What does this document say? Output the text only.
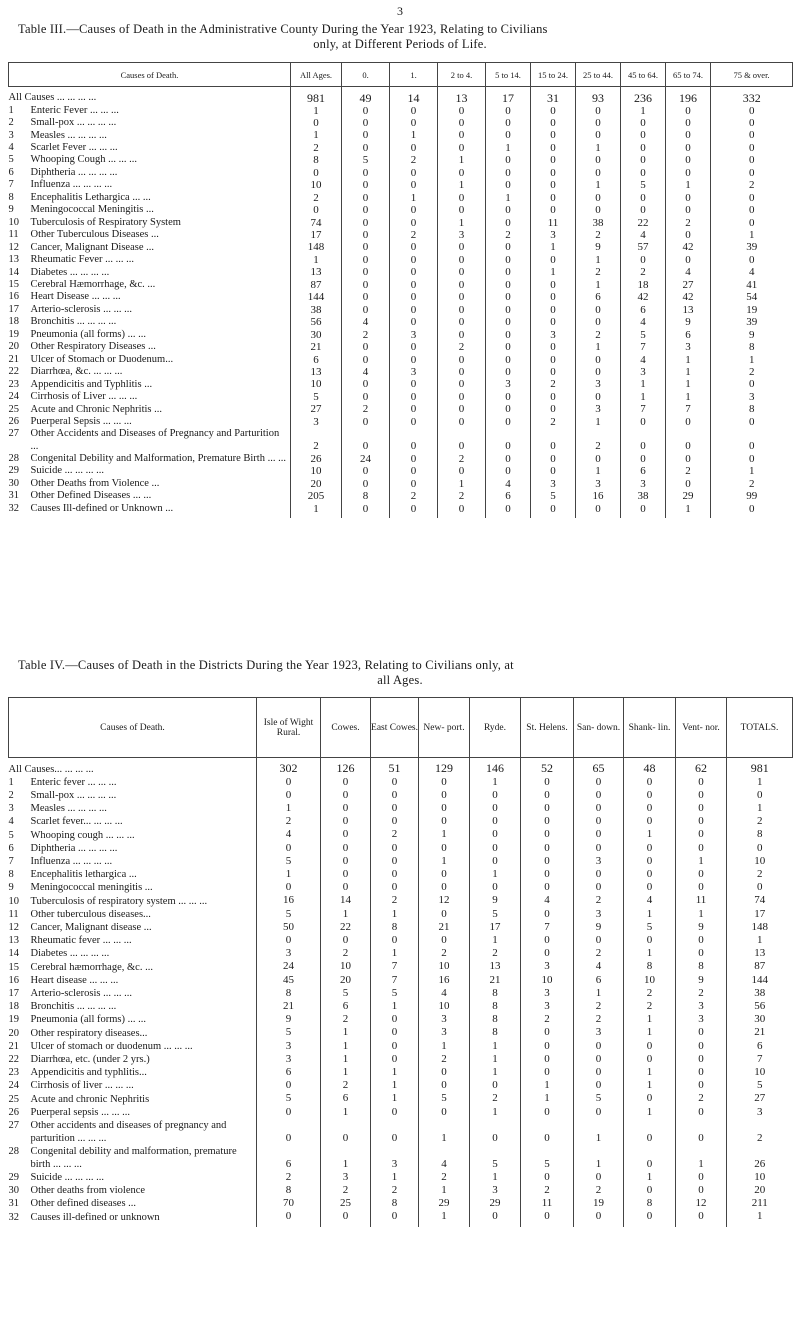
3
Table III.—Causes of Death in the Administrative County During the Year 1923, Relating to Civilians
only, at Different Periods of Life.
Causes of Death.	All Ages.	0.	1.	2 to 4.	5 to 14.	15 to 24.	25 to 44.	45 to 64.	65 to 74.	75 & over.
All Causes ... ... ... ...	981	49	14	13	17	31	93	236	196	332
1 Enteric Fever ... ... ...	1	0	0	0	0	0	0	1	0	0
2 Small-pox ... ... ... ...	0	0	0	0	0	0	0	0	0	0
3 Measles ... ... ... ...	1	0	1	0	0	0	0	0	0	0
4 Scarlet Fever ... ... ...	2	0	0	0	1	0	1	0	0	0
5 Whooping Cough ... ... ...	8	5	2	1	0	0	0	0	0	0
6 Diphtheria ... ... ... ...	0	0	0	0	0	0	0	0	0	0
7 Influenza ... ... ... ...	10	0	0	1	0	0	1	5	1	2
8 Encephalitis Lethargica ... ...	2	0	1	0	1	0	0	0	0	0
9 Meningococcal Meningitis ...	0	0	0	0	0	0	0	0	0	0
10 Tuberculosis of Respiratory System	74	0	0	1	0	11	38	22	2	0
11 Other Tuberculous Diseases ...	17	0	2	3	2	3	2	4	0	1
12 Cancer, Malignant Disease ...	148	0	0	0	0	1	9	57	42	39
13 Rheumatic Fever ... ... ...	1	0	0	0	0	0	1	0	0	0
14 Diabetes ... ... ... ...	13	0	0	0	0	1	2	2	4	4
15 Cerebral Hæmorrhage, &c. ...	87	0	0	0	0	0	1	18	27	41
16 Heart Disease ... ... ...	144	0	0	0	0	0	6	42	42	54
17 Arterio-sclerosis ... ... ...	38	0	0	0	0	0	0	6	13	19
18 Bronchitis ... ... ... ...	56	4	0	0	0	0	0	4	9	39
19 Pneumonia (all forms) ... ...	30	2	3	0	0	3	2	5	6	9
20 Other Respiratory Diseases ...	21	0	0	2	0	0	1	7	3	8
21 Ulcer of Stomach or Duodenum...	6	0	0	0	0	0	0	4	1	1
22 Diarrhœa, &c. ... ... ...	13	4	3	0	0	0	0	3	1	2
23 Appendicitis and Typhlitis ...	10	0	0	0	3	2	3	1	1	0
24 Cirrhosis of Liver ... ... ...	5	0	0	0	0	0	0	1	1	3
25 Acute and Chronic Nephritis ...	27	2	0	0	0	0	3	7	7	8
26 Puerperal Sepsis ... ... ...	3	0	0	0	0	2	1	0	0	0
27 Other Accidents and Diseases of Pregnancy and Parturition ...	2	0	0	0	0	0	2	0	0	0
28 Congenital Debility and Malformation, Premature Birth ... ...	26	24	0	2	0	0	0	0	0	0
29 Suicide ... ... ... ...	10	0	0	0	0	0	1	6	2	1
30 Other Deaths from Violence ...	20	0	0	1	4	3	3	3	0	2
31 Other Defined Diseases ... ...	205	8	2	2	6	5	16	38	29	99
32 Causes Ill-defined or Unknown ...	1	0	0	0	0	0	0	0	1	0

Table IV.—Causes of Death in the Districts During the Year 1923, Relating to Civilians only, at
all Ages.
Causes of Death.	Isle of Wight Rural.	Cowes.	East Cowes.	New- port.	Ryde.	St. Helens.	San- down.	Shank- lin.	Vent- nor.	TOTALS.
All Causes... ... ... ...	302	126	51	129	146	52	65	48	62	981
1 Enteric fever ... ... ...	0	0	0	0	1	0	0	0	0	1
2 Small-pox ... ... ... ...	0	0	0	0	0	0	0	0	0	0
3 Measles ... ... ... ...	1	0	0	0	0	0	0	0	0	1
4 Scarlet fever... ... ... ...	2	0	0	0	0	0	0	0	0	2
5 Whooping cough ... ... ...	4	0	2	1	0	0	0	1	0	8
6 Diphtheria ... ... ... ...	0	0	0	0	0	0	0	0	0	0
7 Influenza ... ... ... ...	5	0	0	1	0	0	3	0	1	10
8 Encephalitis lethargica ...	1	0	0	0	1	0	0	0	0	2
9 Meningococcal meningitis ...	0	0	0	0	0	0	0	0	0	0
10 Tuberculosis of respiratory system ... ... ...	16	14	2	12	9	4	2	4	11	74
11 Other tuberculous diseases...	5	1	1	0	5	0	3	1	1	17
12 Cancer, Malignant disease ...	50	22	8	21	17	7	9	5	9	148
13 Rheumatic fever ... ... ...	0	0	0	0	1	0	0	0	0	1
14 Diabetes ... ... ... ...	3	2	1	2	2	0	2	1	0	13
15 Cerebral hæmorrhage, &c. ...	24	10	7	10	13	3	4	8	8	87
16 Heart disease ... ... ...	45	20	7	16	21	10	6	10	9	144
17 Arterio-sclerosis ... ... ...	8	5	5	4	8	3	1	2	2	38
18 Bronchitis ... ... ... ...	21	6	1	10	8	3	2	2	3	56
19 Pneumonia (all forms) ... ...	9	2	0	3	8	2	2	1	3	30
20 Other respiratory diseases...	5	1	0	3	8	0	3	1	0	21
21 Ulcer of stomach or duodenum ... ... ...	3	1	0	1	1	0	0	0	0	6
22 Diarrhœa, etc. (under 2 yrs.)	3	1	0	2	1	0	0	0	0	7
23 Appendicitis and typhlitis...	6	1	1	0	1	0	0	1	0	10
24 Cirrhosis of liver ... ... ...	0	2	1	0	0	1	0	1	0	5
25 Acute and chronic Nephritis	5	6	1	5	2	1	5	0	2	27
26 Puerperal sepsis ... ... ...	0	1	0	0	1	0	0	1	0	3
27 Other accidents and diseases of pregnancy and parturition ... ... ...	0	0	0	1	0	0	1	0	0	2
28 Congenital debility and malformation, premature birth ... ... ...	6	1	3	4	5	5	1	0	1	26
29 Suicide ... ... ... ...	2	3	1	2	1	0	0	1	0	10
30 Other deaths from violence	8	2	2	1	3	2	2	0	0	20
31 Other defined diseases ...	70	25	8	29	29	11	19	8	12	211
32 Causes ill-defined or unknown	0	0	0	1	0	0	0	0	0	1
